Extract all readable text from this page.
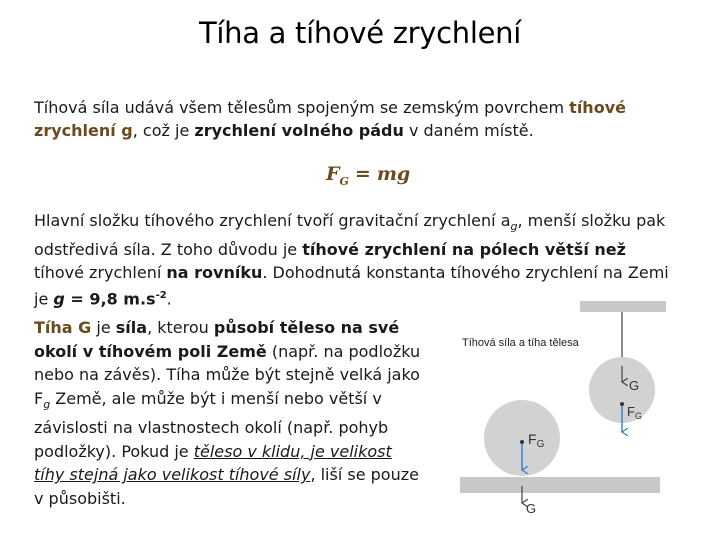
Tíha a tíhové zrychlení

Tíhová síla udává všem tělesům spojeným se zemským povrchem tíhové zrychlení g, což je zrychlení volného pádu v daném místě.

$F_G$ = mg

Hlavní složku tíhového zrychlení tvoří gravitační zrychlení $a_g$, menší složku pak odstředivá síla. Z toho důvodu je tíhové zrychlení na pólech větší než tíhové zrychlení na rovníku. Dohodnutá konstanta tíhového zrychlení na Zemi je g = 9,8 $m.s^{-2}$.

Tíha G je síla, kterou působí těleso na své okolí v tíhovém poli Země (např. na podložku nebo na závěs). Tíha může být stejně velká jako $F_g$ Země, ale může být i menší nebo větší v závislosti na vlastnostech okolí (např. pohyb podložky). Pokud je těleso v klidu, je velikost tíhy stejná jako velikost tíhové síly, liší se pouze v působišti.

G
$F_G$
$F_G$
G
Tíhová síla a tíha tělesa
